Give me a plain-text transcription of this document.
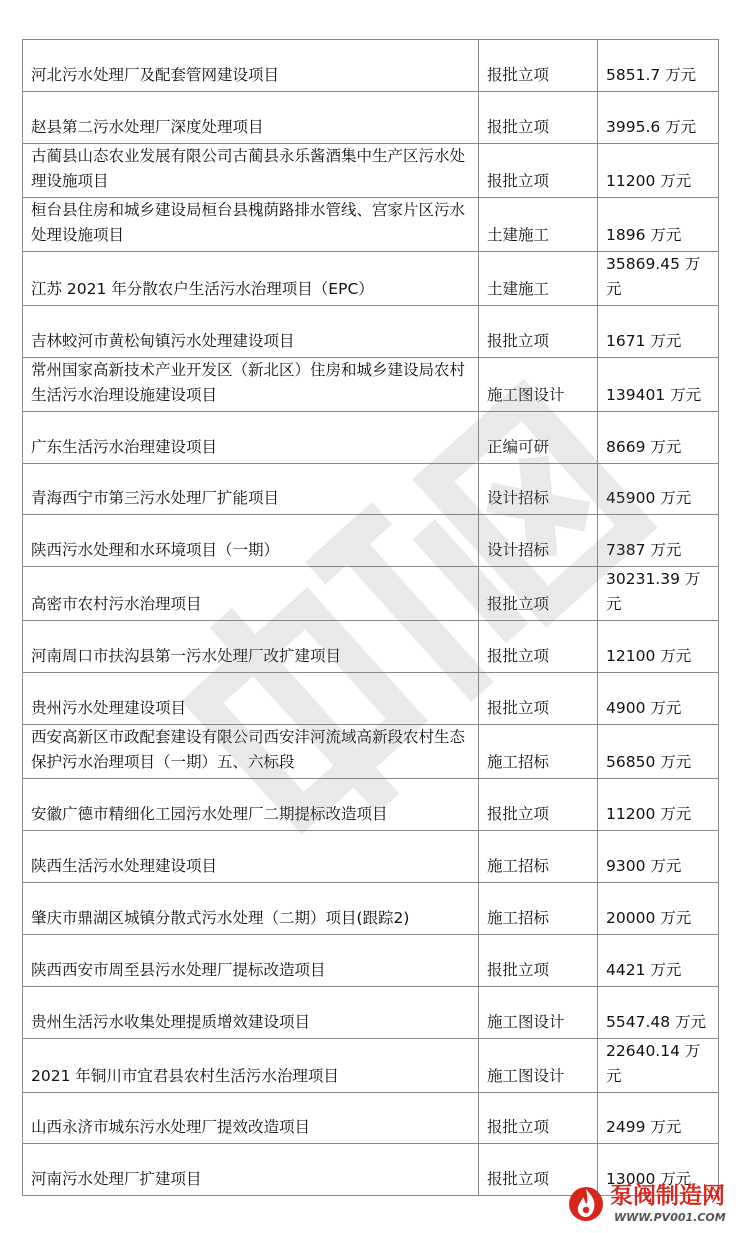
河北污水处理厂及配套管网建设项目	报批立项	5851.7 万元
赵县第二污水处理厂深度处理项目	报批立项	3995.6 万元
古蔺县山态农业发展有限公司古蔺县永乐酱酒集中生产区污水处理设施项目	报批立项	11200 万元
桓台县住房和城乡建设局桓台县槐荫路排水管线、宫家片区污水处理设施项目	土建施工	1896 万元
江苏 2021 年分散农户生活污水治理项目（EPC）	土建施工	35869.45 万元
吉林蛟河市黄松甸镇污水处理建设项目	报批立项	1671 万元
常州国家高新技术产业开发区（新北区）住房和城乡建设局农村生活污水治理设施建设项目	施工图设计	139401 万元
广东生活污水治理建设项目	正编可研	8669 万元
青海西宁市第三污水处理厂扩能项目	设计招标	45900 万元
陕西污水处理和水环境项目（一期）	设计招标	7387 万元
高密市农村污水治理项目	报批立项	30231.39 万元
河南周口市扶沟县第一污水处理厂改扩建项目	报批立项	12100 万元
贵州污水处理建设项目	报批立项	4900 万元
西安高新区市政配套建设有限公司西安沣河流域高新段农村生态保护污水治理项目（一期）五、六标段	施工招标	56850 万元
安徽广德市精细化工园污水处理厂二期提标改造项目	报批立项	11200 万元
陕西生活污水处理建设项目	施工招标	9300 万元
肇庆市鼎湖区城镇分散式污水处理（二期）项目(跟踪2)	施工招标	20000 万元
陕西西安市周至县污水处理厂提标改造项目	报批立项	4421 万元
贵州生活污水收集处理提质增效建设项目	施工图设计	5547.48 万元
2021 年铜川市宜君县农村生活污水治理项目	施工图设计	22640.14 万元
山西永济市城东污水处理厂提效改造项目	报批立项	2499 万元
河南污水处理厂扩建项目	报批立项	13000 万元
泵阀制造网
WWW.PV001.COM
